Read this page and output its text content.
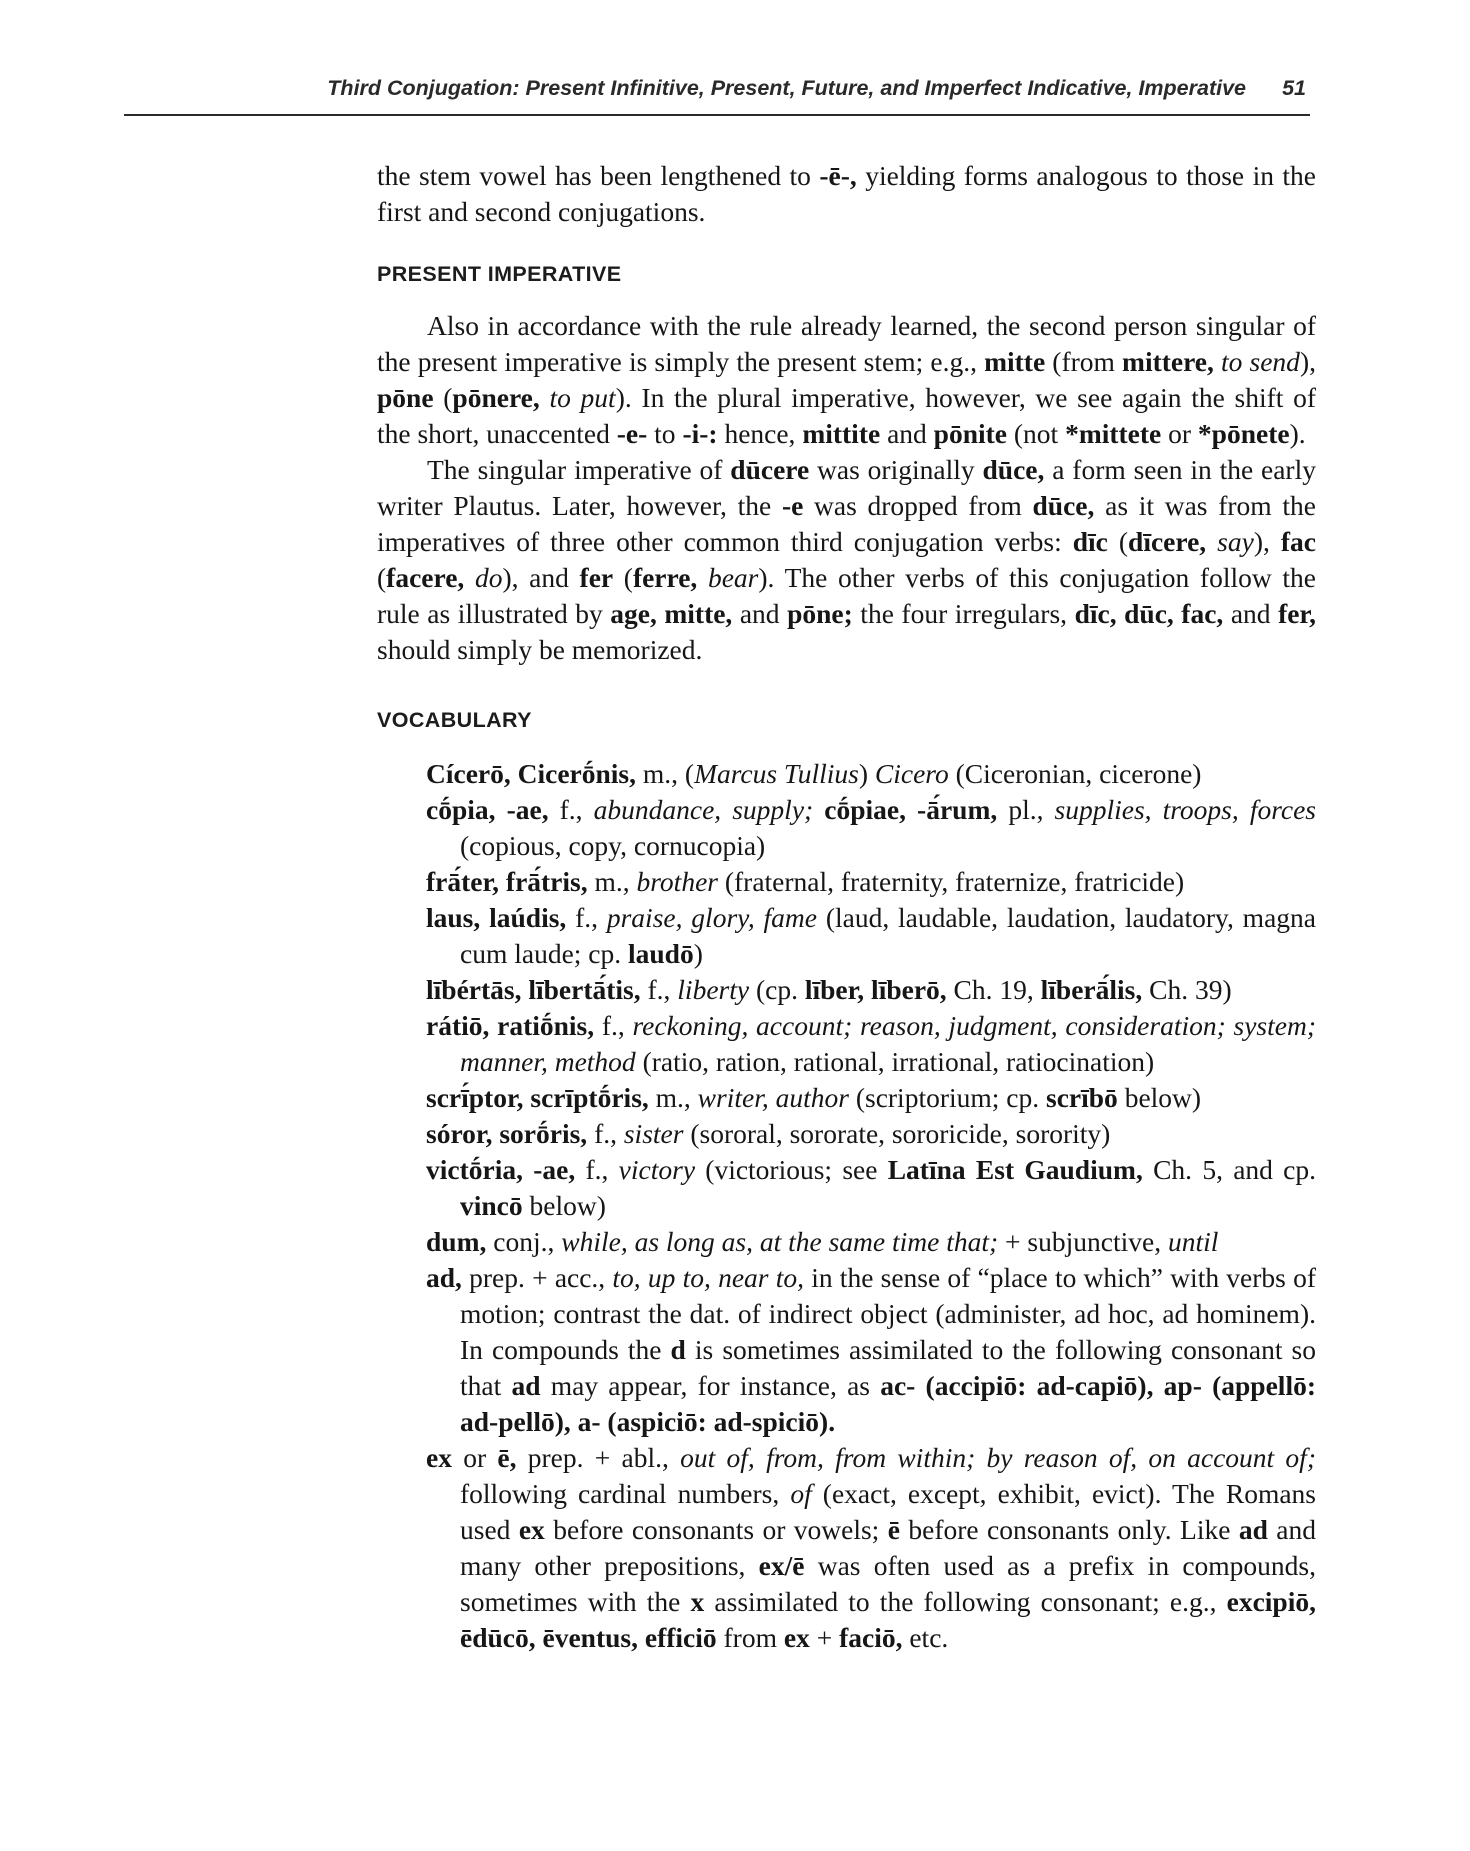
Third Conjugation: Present Infinitive, Present, Future, and Imperfect Indicative, Imperative 51

the stem vowel has been lengthened to -ē-, yielding forms analogous to those in the first and second conjugations.

PRESENT IMPERATIVE

Also in accordance with the rule already learned, the second person singular of the present imperative is simply the present stem; e.g., mitte (from mittere, to send), pōne (pōnere, to put). In the plural imperative, however, we see again the shift of the short, unaccented -e- to -i-: hence, mittite and pōnite (not *mittete or *pōnete).

The singular imperative of dūcere was originally dūce, a form seen in the early writer Plautus. Later, however, the -e was dropped from dūce, as it was from the imperatives of three other common third conjugation verbs: dīc (dīcere, say), fac (facere, do), and fer (ferre, bear). The other verbs of this conjugation follow the rule as illustrated by age, mitte, and pōne; the four irregulars, dīc, dūc, fac, and fer, should simply be memorized.

VOCABULARY

Cícerō, Cicerṓnis, m., (Marcus Tullius) Cicero (Ciceronian, cicerone)

cṓpia, -ae, f., abundance, supply; cṓpiae, -ā́rum, pl., supplies, troops, forces (copious, copy, cornucopia)

frā́ter, frā́tris, m., brother (fraternal, fraternity, fraternize, fratricide)

laus, laúdis, f., praise, glory, fame (laud, laudable, laudation, laudatory, magna cum laude; cp. laudō)

lībértās, lībertā́tis, f., liberty (cp. līber, līberō, Ch. 19, līberā́lis, Ch. 39)

rátiō, ratiṓnis, f., reckoning, account; reason, judgment, consideration; system; manner, method (ratio, ration, rational, irrational, ratiocination)

scrī́ptor, scrīptṓris, m., writer, author (scriptorium; cp. scrībō below)

sóror, sorṓris, f., sister (sororal, sororate, sororicide, sorority)

victṓria, -ae, f., victory (victorious; see Latīna Est Gaudium, Ch. 5, and cp. vincō below)

dum, conj., while, as long as, at the same time that; + subjunctive, until

ad, prep. + acc., to, up to, near to, in the sense of “place to which” with verbs of motion; contrast the dat. of indirect object (administer, ad hoc, ad hominem). In compounds the d is sometimes assimilated to the following consonant so that ad may appear, for instance, as ac- (accipiō: ad-capiō), ap- (appellō: ad-pellō), a- (aspiciō: ad-spiciō).

ex or ē, prep. + abl., out of, from, from within; by reason of, on account of; following cardinal numbers, of (exact, except, exhibit, evict). The Romans used ex before consonants or vowels; ē before consonants only. Like ad and many other prepositions, ex/ē was often used as a prefix in compounds, sometimes with the x assimilated to the following consonant; e.g., excipiō, ēdūcō, ēventus, efficiō from ex + faciō, etc.
